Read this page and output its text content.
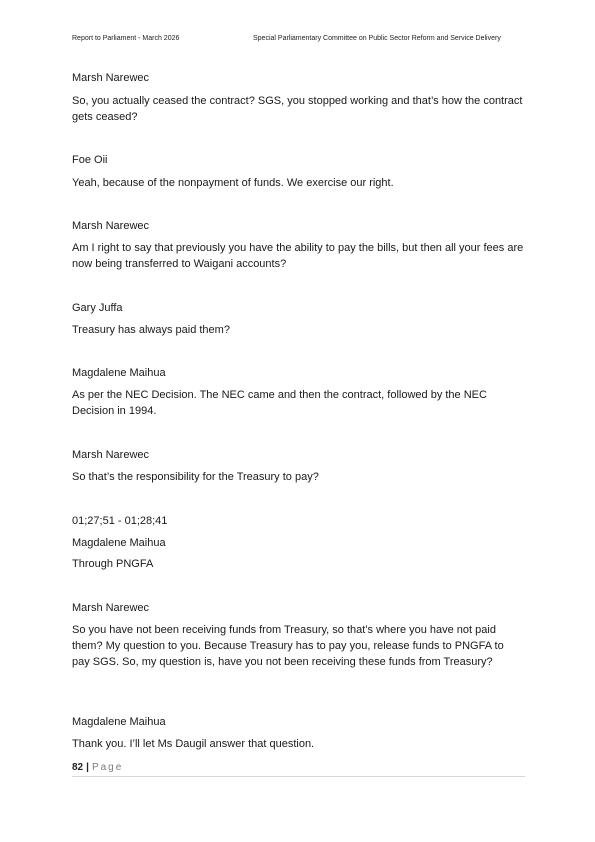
Report to Parliament - March 2026	Special Parliamentary Committee on Public Sector Reform and Service Delivery

Marsh Narewec

So, you actually ceased the contract? SGS, you stopped working and that’s how the contract gets ceased?

Foe Oii

Yeah, because of the nonpayment of funds. We exercise our right.

Marsh Narewec

Am I right to say that previously you have the ability to pay the bills, but then all your fees are now being transferred to Waigani accounts?

Gary Juffa

Treasury has always paid them?

Magdalene Maihua

As per the NEC Decision. The NEC came and then the contract, followed by the NEC Decision in 1994.

Marsh Narewec

So that’s the responsibility for the Treasury to pay?

01;27;51 - 01;28;41

Magdalene Maihua

Through PNGFA

Marsh Narewec

So you have not been receiving funds from Treasury, so that’s where you have not paid them? My question to you. Because Treasury has to pay you, release funds to PNGFA to pay SGS. So, my question is, have you not been receiving these funds from Treasury?

Magdalene Maihua

Thank you. I’ll let Ms Daugil answer that question.

82 | Page
